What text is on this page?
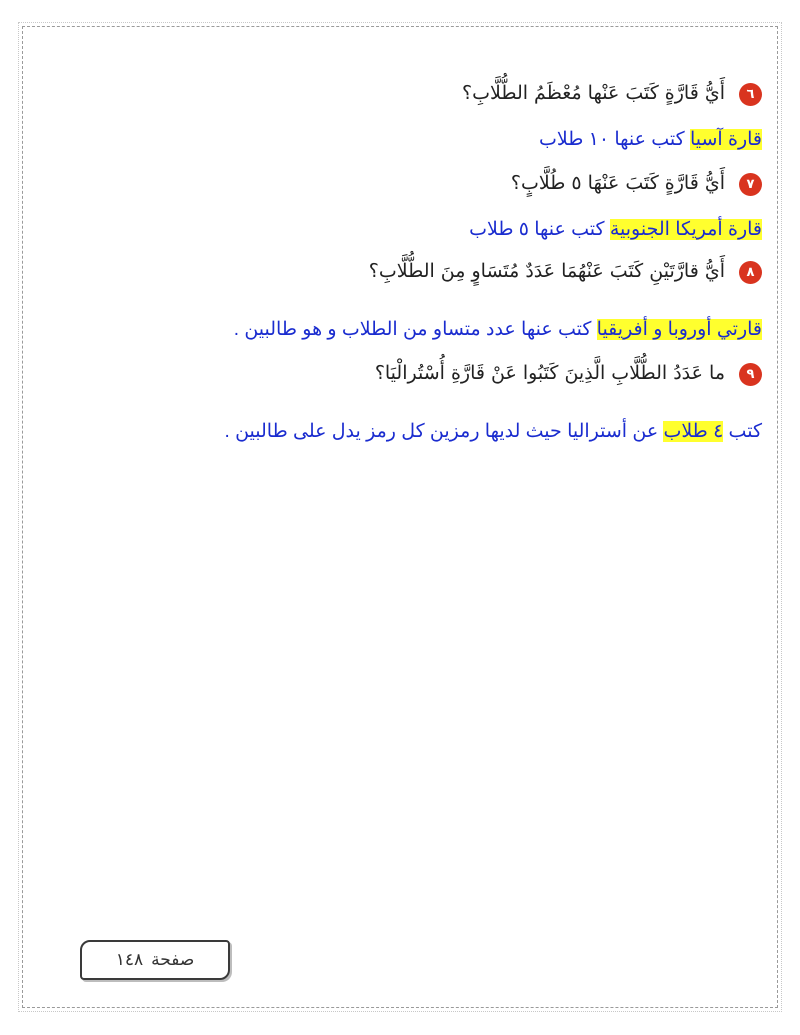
٦أَيُّ قَارَّةٍ كَتَبَ عَنْها مُعْظَمُ الطُّلَّابِ؟
قارة آسيا كتب عنها ١٠ طلاب
٧أَيُّ قَارَّةٍ كَتَبَ عَنْهَا ٥ طُلَّابٍ؟
قارة أمريكا الجنوبية كتب عنها ٥ طلاب
٨أَيُّ قارَّتَيْنِ كَتَبَ عَنْهُمَا عَدَدٌ مُتَسَاوٍ مِنَ الطُّلَّابِ؟
قارتي أوروبا و أفريقيا كتب عنها عدد متساو من الطلاب و هو طالبين .
٩ما عَدَدُ الطُّلَّابِ الَّذِينَ كَتَبُوا عَنْ قَارَّةِ أُسْتُرالْيَا؟
كتب ٤ طلاب عن أستراليا حيث لديها رمزين كل رمز يدل على طالبين .
صفحة١٤٨
